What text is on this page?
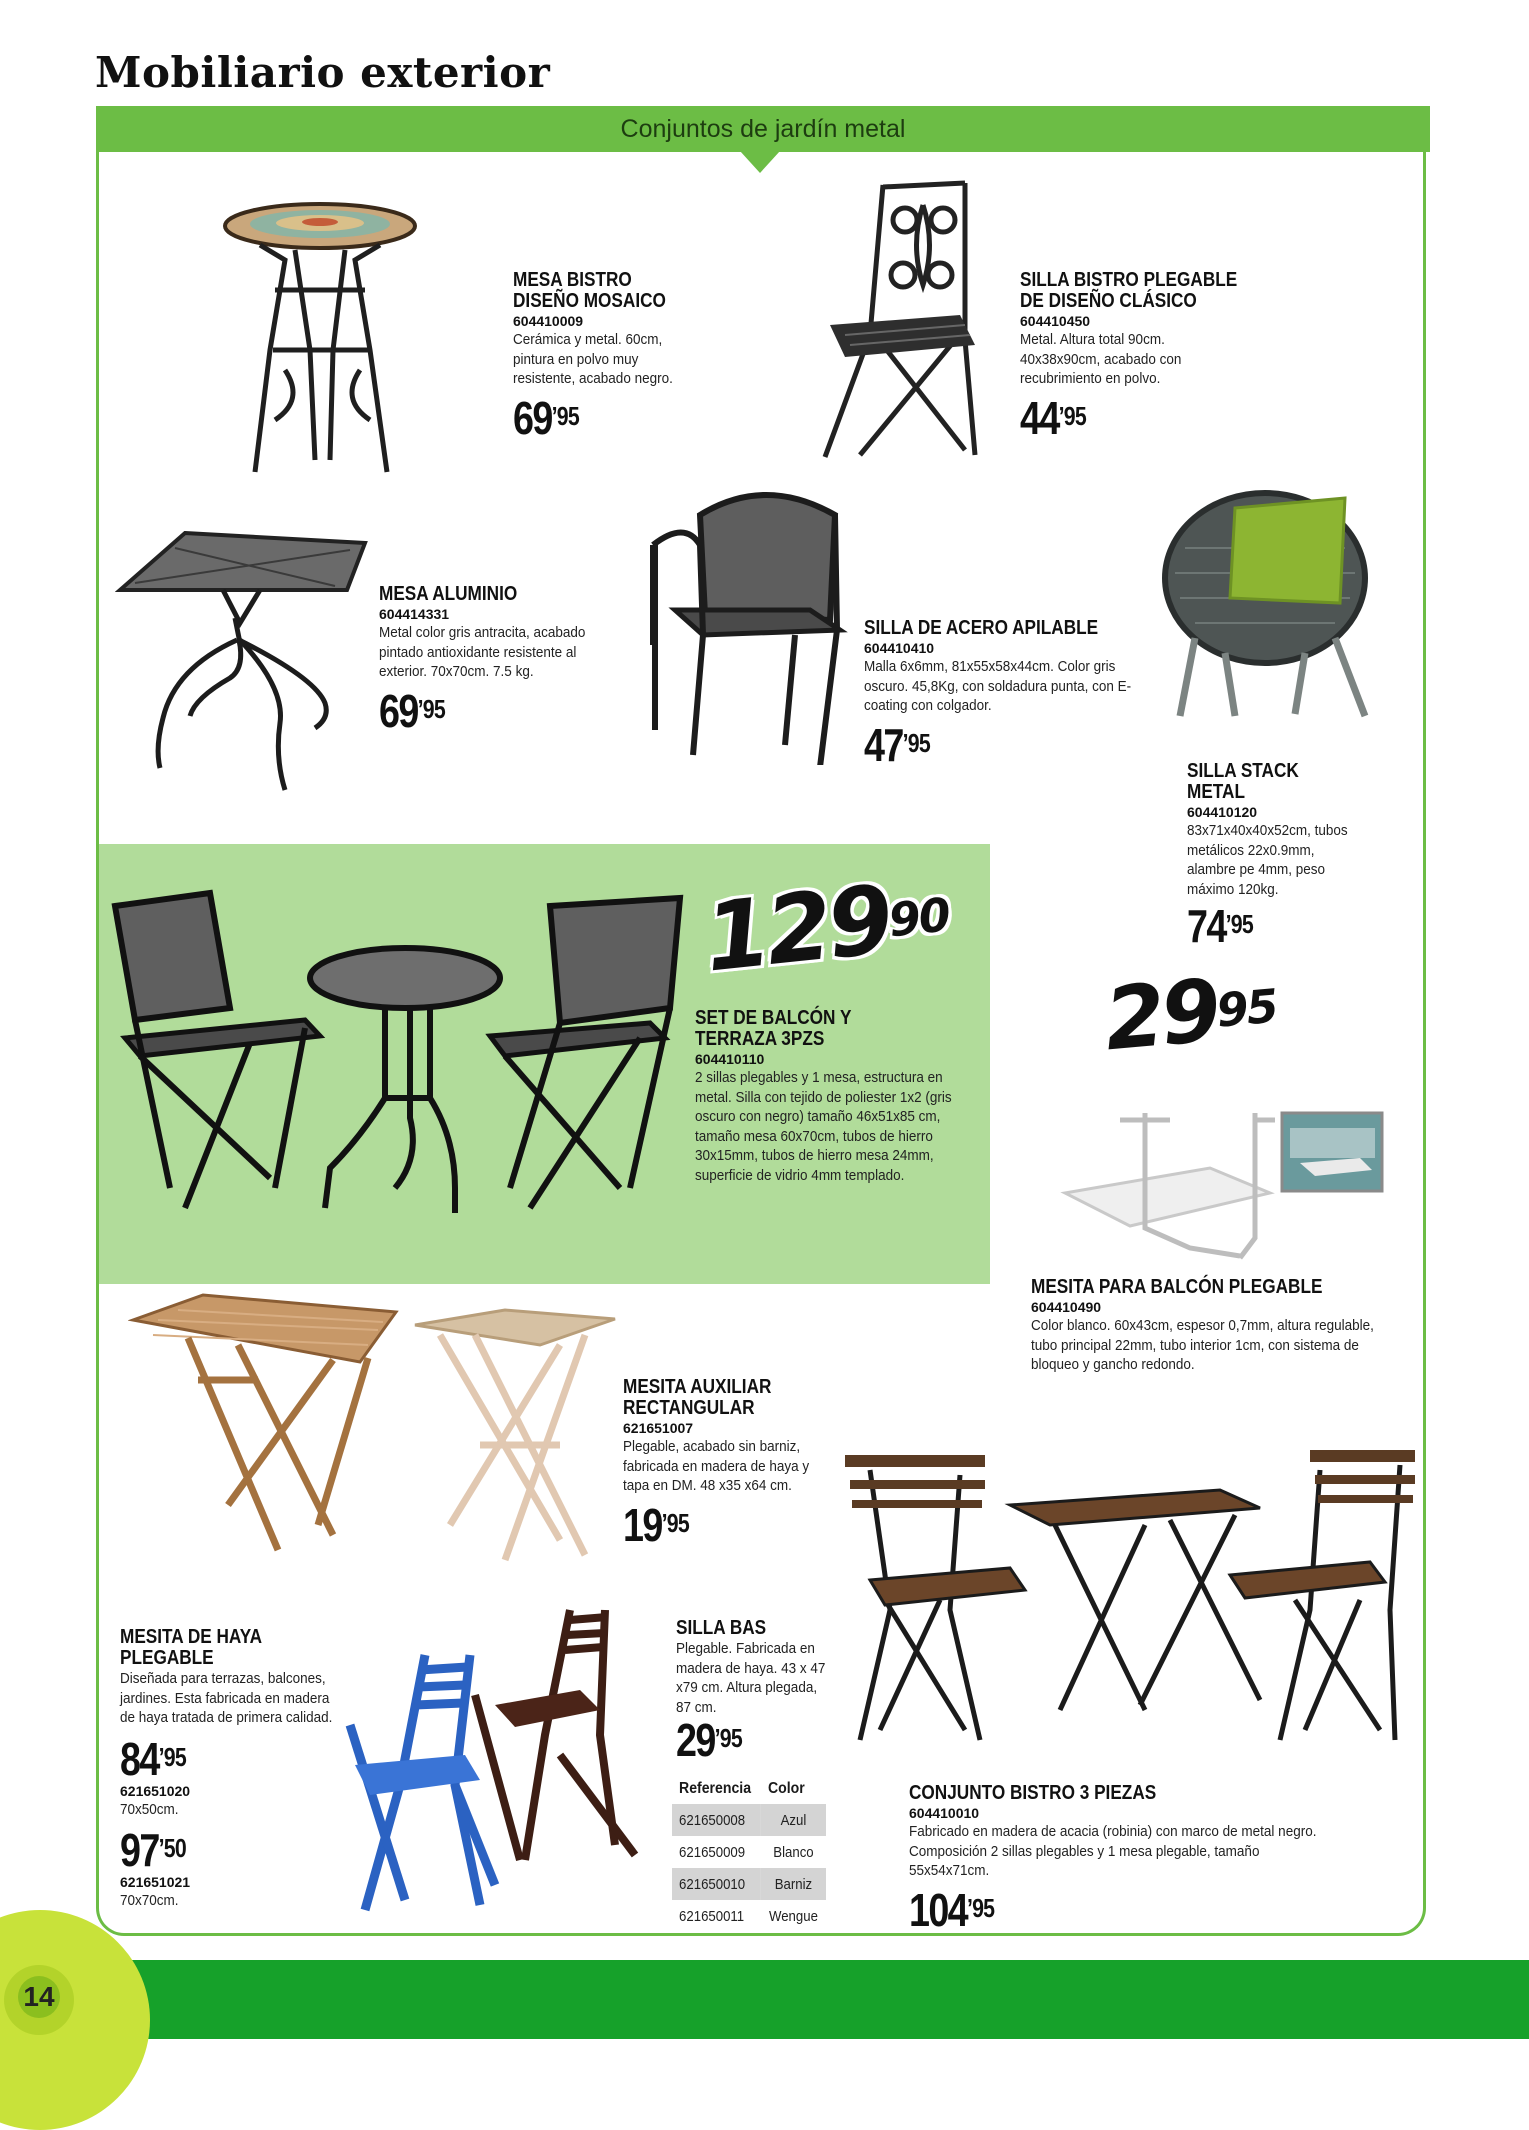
Mobiliario exterior
Conjuntos de jardín metal
14
MESA BISTRO DISEÑO MOSAICO
604410009
Cerámica y metal. 60cm, pintura en polvo muy resistente, acabado negro.
$69^{’95}$
SILLA BISTRO PLEGABLE DE DISEÑO CLÁSICO
604410450
Metal. Altura total 90cm. 40x38x90cm, acabado con recubrimiento en polvo.
$44^{’95}$
MESA ALUMINIO
604414331
Metal color gris antracita, acabado pintado antioxidante resistente al exterior. 70x70cm. 7.5 kg.
$69^{’95}$
SILLA DE ACERO APILABLE
604410410
Malla 6x6mm, 81x55x58x44cm. Color gris oscuro. 45,8Kg, con soldadura punta, con E-coating con colgador.
$47^{’95}$
SILLA STACK METAL
604410120
83x71x40x40x52cm, tubos metálicos 22x0.9mm, alambre pe 4mm, peso máximo 120kg.
$74^{’95}$
$129^{90}$
SET DE BALCÓN Y TERRAZA 3PZS
604410110
2 sillas plegables y 1 mesa, estructura en metal. Silla con tejido de poliester 1x2 (gris oscuro con negro) tamaño 46x51x85 cm, tamaño mesa 60x70cm, tubos de hierro 30x15mm, tubos de hierro mesa 24mm, superficie de vidrio 4mm templado.
$29^{95}$
MESITA PARA BALCÓN PLEGABLE
604410490
Color blanco. 60x43cm, espesor 0,7mm, altura regulable, tubo principal 22mm, tubo interior 1cm, con sistema de bloqueo y gancho redondo.
MESITA AUXILIAR RECTANGULAR
621651007
Plegable, acabado sin barniz, fabricada en madera de haya y tapa en DM. 48 x35 x64 cm.
$19^{’95}$
MESITA DE HAYA PLEGABLE
Diseñada para terrazas, balcones, jardines. Esta fabricada en madera de haya tratada de primera calidad.
$84^{’95}$
621651020
70x50cm.
$97^{’50}$
621651021
70x70cm.
SILLA BAS
Plegable. Fabricada en madera de haya. 43 x 47 x79 cm. Altura plegada, 87 cm.
$29^{’95}$
Referencia	Color
621650008	Azul
621650009	Blanco
621650010	Barniz
621650011	Wengue
CONJUNTO BISTRO 3 PIEZAS
604410010
Fabricado en madera de acacia (robinia) con marco de metal negro. Composición 2 sillas plegables y 1 mesa plegable, tamaño 55x54x71cm.
$104^{’95}$
